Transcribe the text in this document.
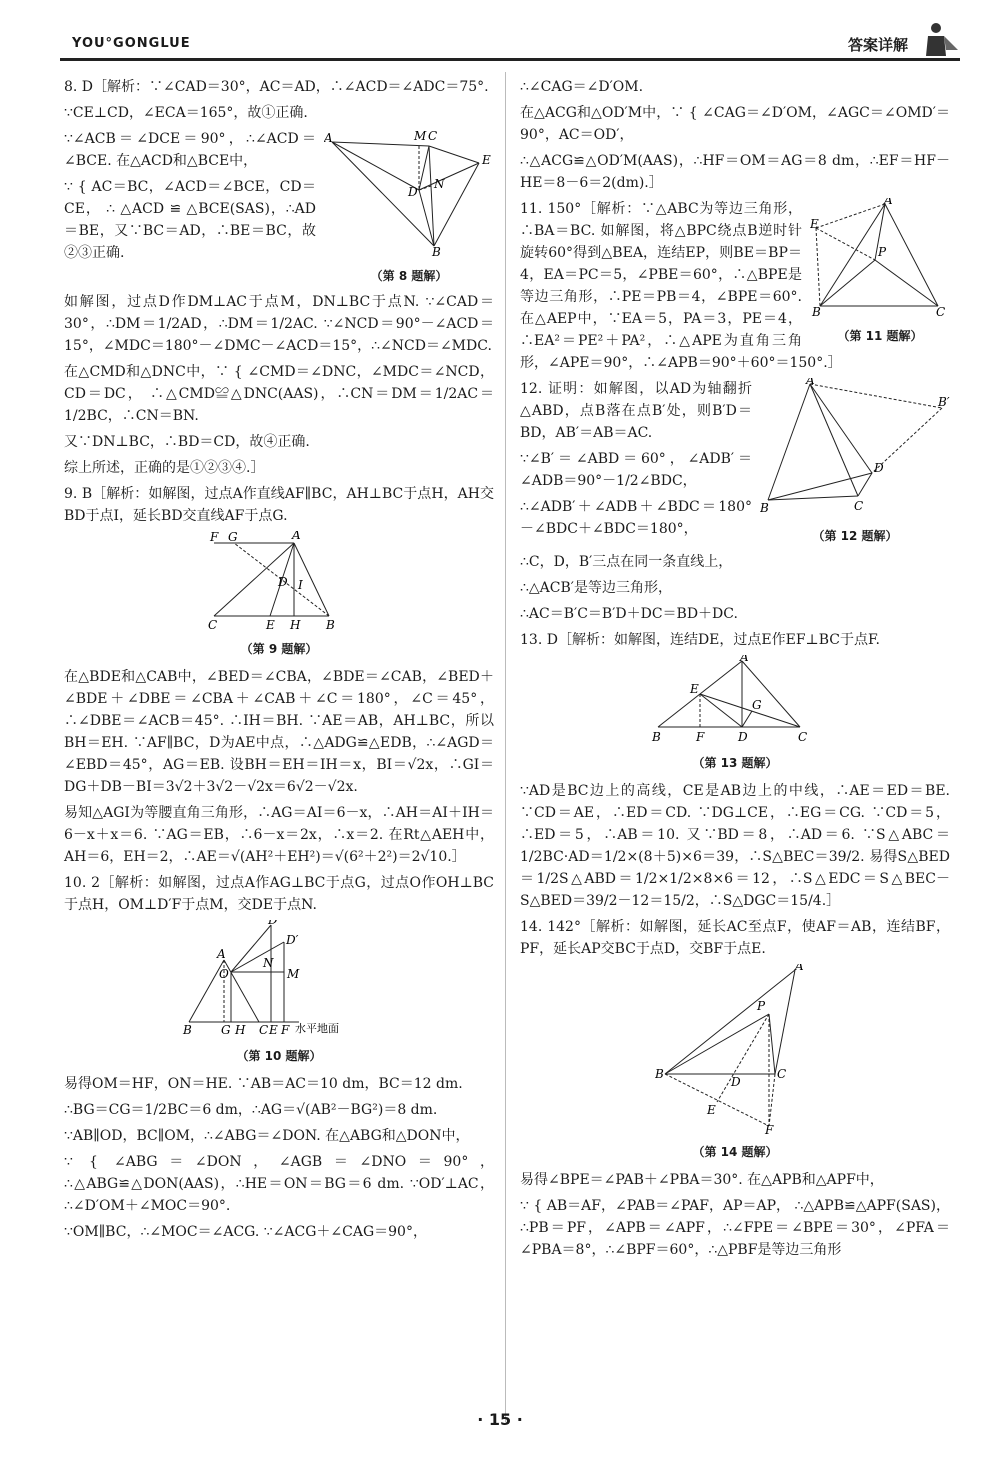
YOU°GONGLUE	答案详解

8. D［解析：∵∠CAD＝30°，AC＝AD，∴∠ACD＝∠ADC＝75°.

∵CE⊥CD，∠ECA＝165°，故①正确.

A	M C
E
D
N
B
（第 8 题解）

∵∠ACB＝∠DCE＝90°，∴∠ACD＝∠BCE. 在△ACD和△BCE中，

∵ { AC＝BC，∠ACD＝∠BCE，CD＝CE， ∴ △ACD ≌ △BCE(SAS)，∴AD＝BE，又∵BC＝AD，∴BE＝BC，故②③正确.

如解图，过点D作DM⊥AC于点M，DN⊥BC于点N. ∵∠CAD＝30°，∴DM＝1/2AD，∴DM＝1/2AC. ∵∠NCD＝90°－∠ACD＝15°，∠MDC＝180°－∠DMC－∠ACD＝15°，∴∠NCD＝∠MDC.

在△CMD和△DNC中，∵ { ∠CMD＝∠DNC，∠MDC＝∠NCD，CD＝DC， ∴△CMD≌△DNC(AAS)，∴CN＝DM＝1/2AC＝1/2BC，∴CN＝BN.

又∵DN⊥BC，∴BD＝CD，故④正确.

综上所述，正确的是①②③④.］

9. B［解析：如解图，过点A作直线AF∥BC，AH⊥BC于点H，AH交BD于点I，延长BD交直线AF于点G.

F G	A
D I
C	E H B
（第 9 题解）

在△BDE和△CAB中，∠BED＝∠CBA，∠BDE＝∠CAB，∠BED＋∠BDE＋∠DBE＝∠CBA＋∠CAB＋∠C＝180°，∠C＝45°，∴∠DBE＝∠ACB＝45°. ∴IH＝BH. ∵AE＝AB，AH⊥BC，所以BH＝EH. ∵AF∥BC，D为AE中点，∴△ADG≌△EDB，∴∠AGD＝∠EBD＝45°，AG＝EB. 设BH＝EH＝IH＝x，BI＝√2x，∴GI＝DG＋DB－BI＝3√2＋3√2－√2x＝6√2－√2x.

易知△AGI为等腰直角三角形，∴AG＝AI＝6－x，∴AH＝AI＋IH＝6－x＋x＝6. ∵AG＝EB，∴6－x＝2x，∴x＝2. 在Rt△AEH中，AH＝6，EH＝2，∴AE＝√(AH²＋EH²)＝√(6²＋2²)＝2√10.］

10. 2［解析：如解图，过点A作AG⊥BC于点G，过点O作OH⊥BC于点H，OM⊥D′F于点M，交DE于点N.

D
D′
A
O
N
M
B G H C E F 水平地面
（第 10 题解）

易得OM＝HF，ON＝HE. ∵AB＝AC＝10 dm，BC＝12 dm.

∴BG＝CG＝1/2BC＝6 dm，∴AG＝√(AB²－BG²)＝8 dm.

∵AB∥OD，BC∥OM，∴∠ABG＝∠DON. 在△ABG和△DON中，

∵ { ∠ABG＝∠DON，∠AGB＝∠DNO＝90°，∴△ABG≌△DON(AAS)，∴HE＝ON＝BG＝6 dm. ∵OD′⊥AC，∴∠D′OM＋∠MOC＝90°.

∵OM∥BC，∴∠MOC＝∠ACG. ∵∠ACG＋∠CAG＝90°，

∴∠CAG＝∠D′OM.

在△ACG和△OD′M中，∵ { ∠CAG＝∠D′OM，∠AGC＝∠OMD′＝90°，AC＝OD′，

∴△ACG≌△OD′M(AAS)，∴HF＝OM＝AG＝8 dm，∴EF＝HF－HE＝8－6＝2(dm).］

A
E
P
B	C
（第 11 题解）

11. 150°［解析：∵△ABC为等边三角形，∴BA＝BC. 如解图，将△BPC绕点B逆时针旋转60°得到△BEA，连结EP，则BE＝BP＝4，EA＝PC＝5，∠PBE＝60°，∴△BPE是等边三角形，∴PE＝PB＝4，∠BPE＝60°. 在△AEP中，∵EA＝5，PA＝3，PE＝4，∴EA²＝PE²＋PA²，∴△APE为直角三角形，∠APE＝90°，∴∠APB＝90°＋60°＝150°.］

A
B′
D
B	C
（第 12 题解）

12. 证明：如解图，以AD为轴翻折△ABD，点B落在点B′处，则B′D＝BD，AB′＝AB＝AC.

∵∠B′＝∠ABD＝60°，∠ADB′＝∠ADB＝90°－1/2∠BDC，

∴∠ADB′＋∠ADB＋∠BDC＝180°－∠BDC＋∠BDC＝180°，

∴C，D，B′三点在同一条直线上，

∴△ACB′是等边三角形，

∴AC＝B′C＝B′D＋DC＝BD＋DC.

13. D［解析：如解图，连结DE，过点E作EF⊥BC于点F.

A
E
G
B	F	D	C
（第 13 题解）

∵AD是BC边上的高线，CE是AB边上的中线，∴AE＝ED＝BE. ∵CD＝AE，∴ED＝CD. ∵DG⊥CE，∴EG＝CG. ∵CD＝5，∴ED＝5，∴AB＝10. 又∵BD＝8，∴AD＝6. ∵S△ABC＝1/2BC·AD＝1/2×(8＋5)×6＝39，∴S△BEC＝39/2. 易得S△BED＝1/2S△ABD＝1/2×1/2×8×6＝12，∴S△EDC＝S△BEC－S△BED＝39/2－12＝15/2，∴S△DGC＝15/4.］

14. 142°［解析：如解图，延长AC至点F，使AF＝AB，连结BF，PF，延长AP交BC于点D，交BF于点E.

A
P
B	C
D
E
F
（第 14 题解）

易得∠BPE＝∠PAB＋∠PBA＝30°. 在△APB和△APF中，

∵ { AB＝AF，∠PAB＝∠PAF，AP＝AP， ∴△APB≌△APF(SAS)，∴PB＝PF，∠APB＝∠APF，∴∠FPE＝∠BPE＝30°，∠PFA＝∠PBA＝8°，∴∠BPF＝60°，∴△PBF是等边三角形

· 15 ·
